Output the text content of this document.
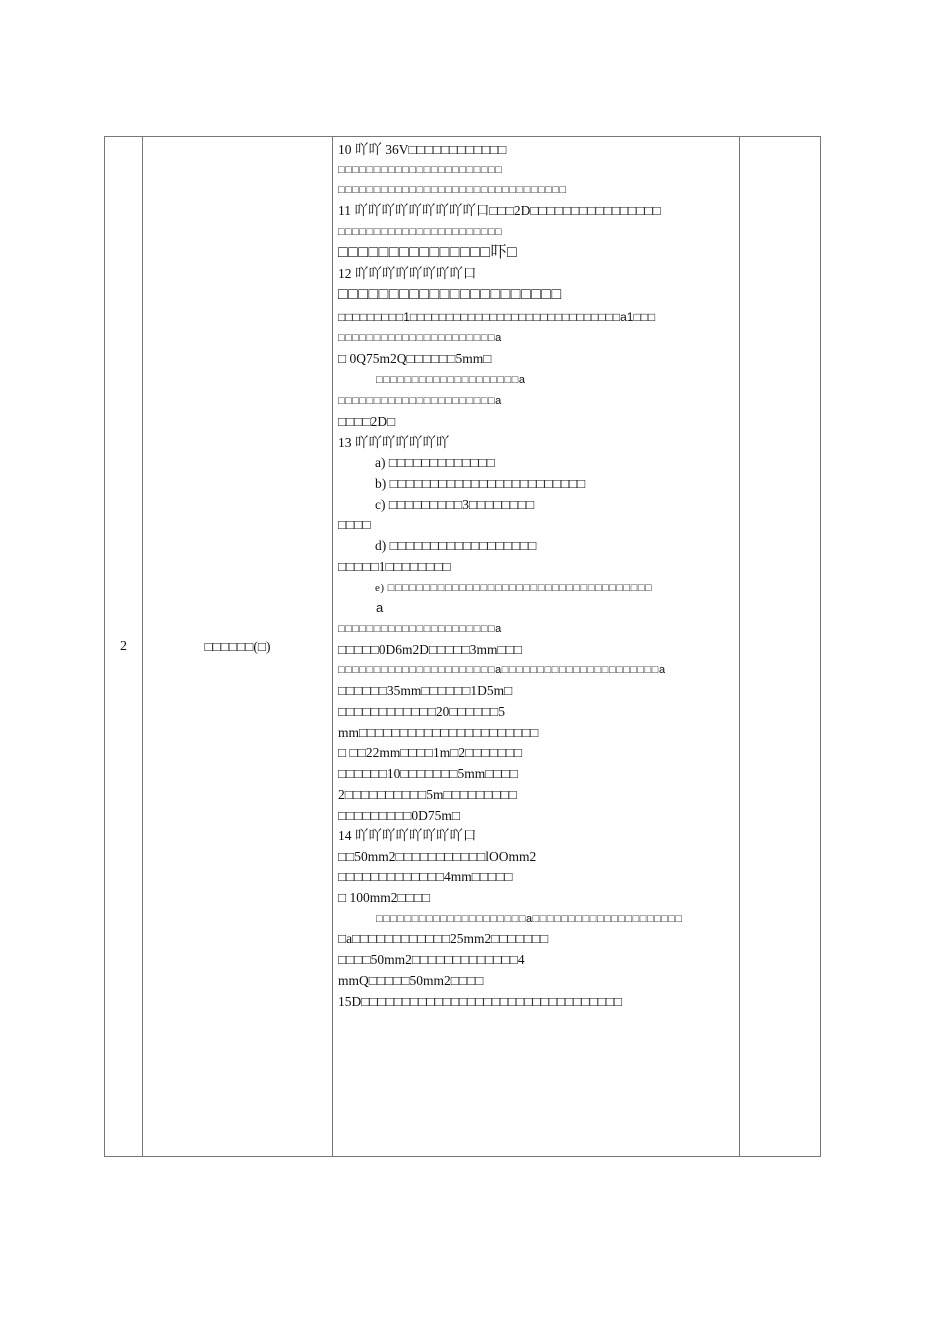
2	□□□□□□(□)	
10 吖吖 36V□□□□□□□□□□□□
□□□□□□□□□□□□□□□□□□□□□□□
□□□□□□□□□□□□□□□□□□□□□□□□□□□□□□□□
11 吖吖吖吖吖吖吖吖吖口□□□2D□□□□□□□□□□□□□□□□
□□□□□□□□□□□□□□□□□□□□□□□
□□□□□□□□□□□□□□□吓□
12 吖吖吖吖吖吖吖吖口
□□□□□□□□□□□□□□□□□□□□□□
□□□□□□□□□1□□□□□□□□□□□□□□□□□□□□□□□□□□□□□a1□□□
□□□□□□□□□□□□□□□□□□□□□□a
□ 0Q75m2Q□□□□□□5mm□
□□□□□□□□□□□□□□□□□□□□a
□□□□□□□□□□□□□□□□□□□□□□a
□□□□2D□
13 吖吖吖吖吖吖吖
a) □□□□□□□□□□□□□
b) □□□□□□□□□□□□□□□□□□□□□□□□
c) □□□□□□□□□3□□□□□□□□
□□□□
d) □□□□□□□□□□□□□□□□□□
□□□□□1□□□□□□□□
e) □□□□□□□□□□□□□□□□□□□□□□□□□□□□□□□□□□□□□
a
□□□□□□□□□□□□□□□□□□□□□□a
□□□□□0D6m2D□□□□□3mm□□□
□□□□□□□□□□□□□□□□□□□□□□a□□□□□□□□□□□□□□□□□□□□□□a
□□□□□□35mm□□□□□□1D5m□
□□□□□□□□□□□□20□□□□□□5
mm□□□□□□□□□□□□□□□□□□□□□□
□ □□22mm□□□□1m□2□□□□□□□
□□□□□□10□□□□□□□5mm□□□□
2□□□□□□□□□□5m□□□□□□□□□
□□□□□□□□□0D75m□
14 吖吖吖吖吖吖吖吖口
□□50mm2□□□□□□□□□□□lOOmm2
□□□□□□□□□□□□□4mm□□□□□
□ 100mm2□□□□
□□□□□□□□□□□□□□□□□□□□□a□□□□□□□□□□□□□□□□□□□□□
□a□□□□□□□□□□□□25mm2□□□□□□□
□□□□50mm2□□□□□□□□□□□□□4
mmQ□□□□□50mm2□□□□
15D□□□□□□□□□□□□□□□□□□□□□□□□□□□□□□□□
